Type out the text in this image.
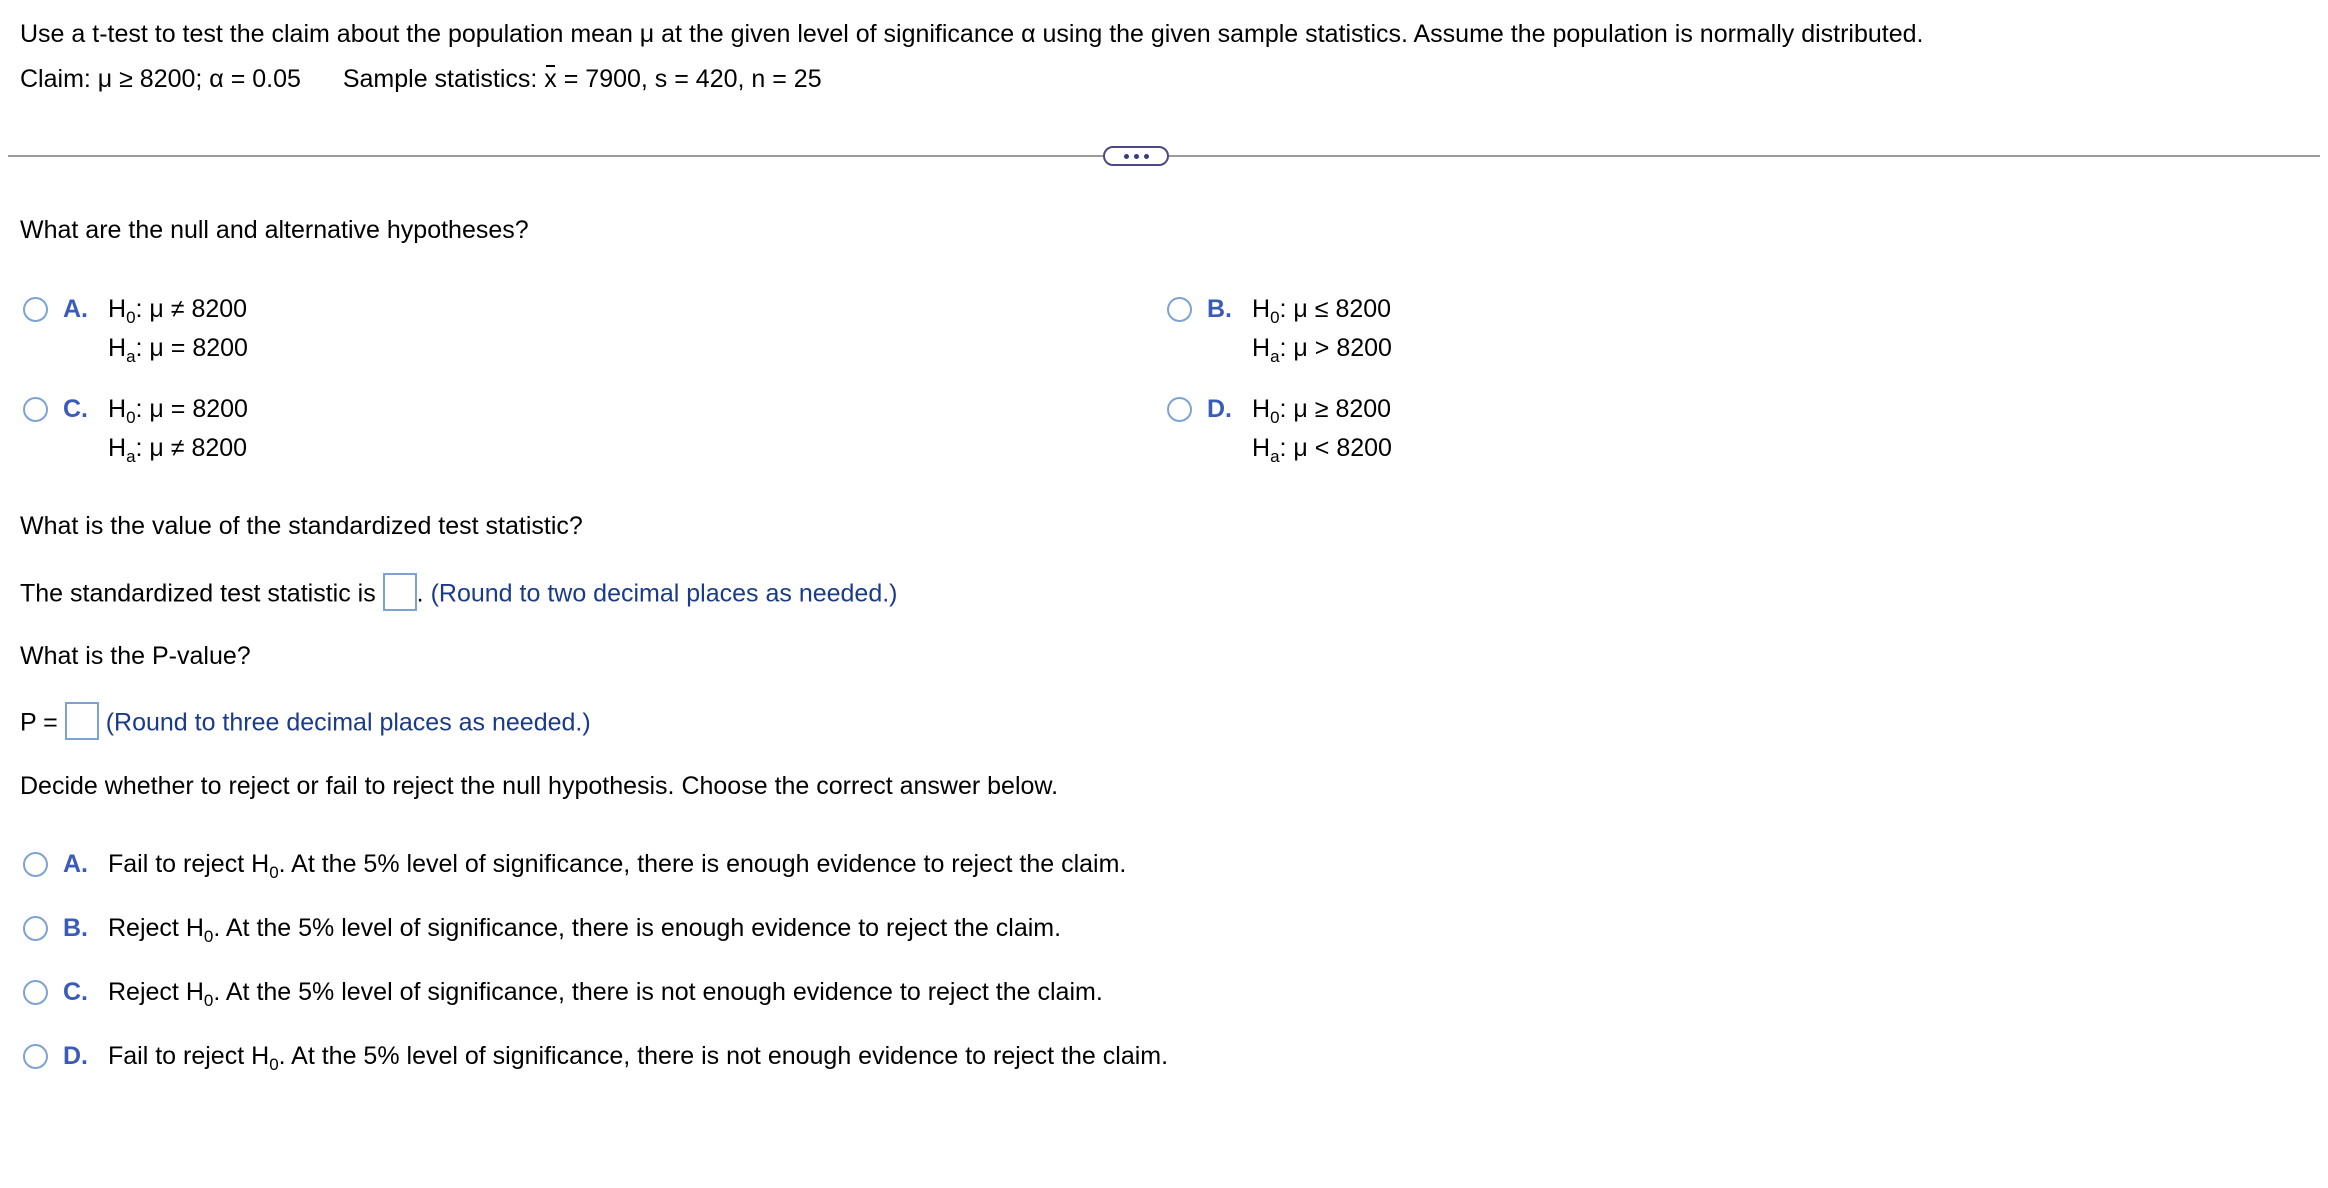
Use a t-test to test the claim about the population mean μ at the given level of significance α using the given sample statistics. Assume the population is normally distributed.
Claim: μ ≥ 8200; α = 0.05 Sample statistics: x = 7900, s = 420, n = 25
What are the null and alternative hypotheses?
A. $H_0$: μ ≠ 8200
$H_a$: μ = 8200
B. $H_0$: μ ≤ 8200
$H_a$: μ > 8200
C. $H_0$: μ = 8200
$H_a$: μ ≠ 8200
D. $H_0$: μ ≥ 8200
$H_a$: μ < 8200
What is the value of the standardized test statistic?
The standardized test statistic is . (Round to two decimal places as needed.)
What is the P-value?
P = (Round to three decimal places as needed.)
Decide whether to reject or fail to reject the null hypothesis. Choose the correct answer below.
A. Fail to reject $H_0$. At the 5% level of significance, there is enough evidence to reject the claim.
B. Reject $H_0$. At the 5% level of significance, there is enough evidence to reject the claim.
C. Reject $H_0$. At the 5% level of significance, there is not enough evidence to reject the claim.
D. Fail to reject $H_0$. At the 5% level of significance, there is not enough evidence to reject the claim.
